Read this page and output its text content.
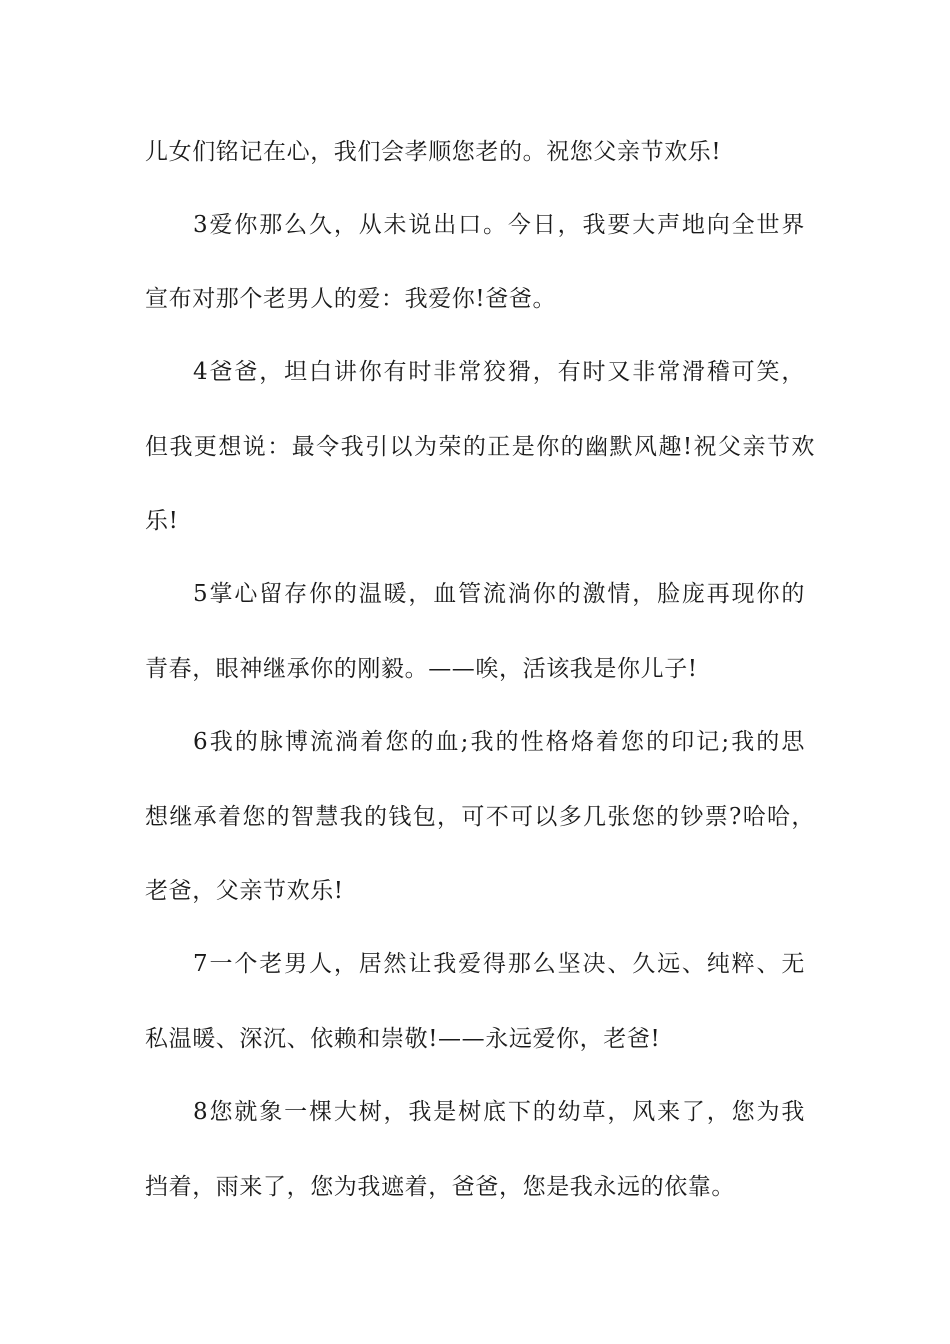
儿女们铭记在心，我们会孝顺您老的。祝您父亲节欢乐!
3爱你那么久，从未说出口。今日，我要大声地向全世界
宣布对那个老男人的爱：我爱你!爸爸。
4爸爸，坦白讲你有时非常狡猾，有时又非常滑稽可笑，
但我更想说：最令我引以为荣的正是你的幽默风趣!祝父亲节欢
乐!
5掌心留存你的温暖，血管流淌你的激情，脸庞再现你的
青春，眼神继承你的刚毅。——唉，活该我是你儿子!
6我的脉博流淌着您的血;我的性格烙着您的印记;我的思
想继承着您的智慧我的钱包，可不可以多几张您的钞票?哈哈，
老爸，父亲节欢乐!
7一个老男人，居然让我爱得那么坚决、久远、纯粹、无
私温暖、深沉、依赖和崇敬!——永远爱你，老爸!
8您就象一棵大树，我是树底下的幼草，风来了，您为我
挡着，雨来了，您为我遮着，爸爸，您是我永远的依靠。
